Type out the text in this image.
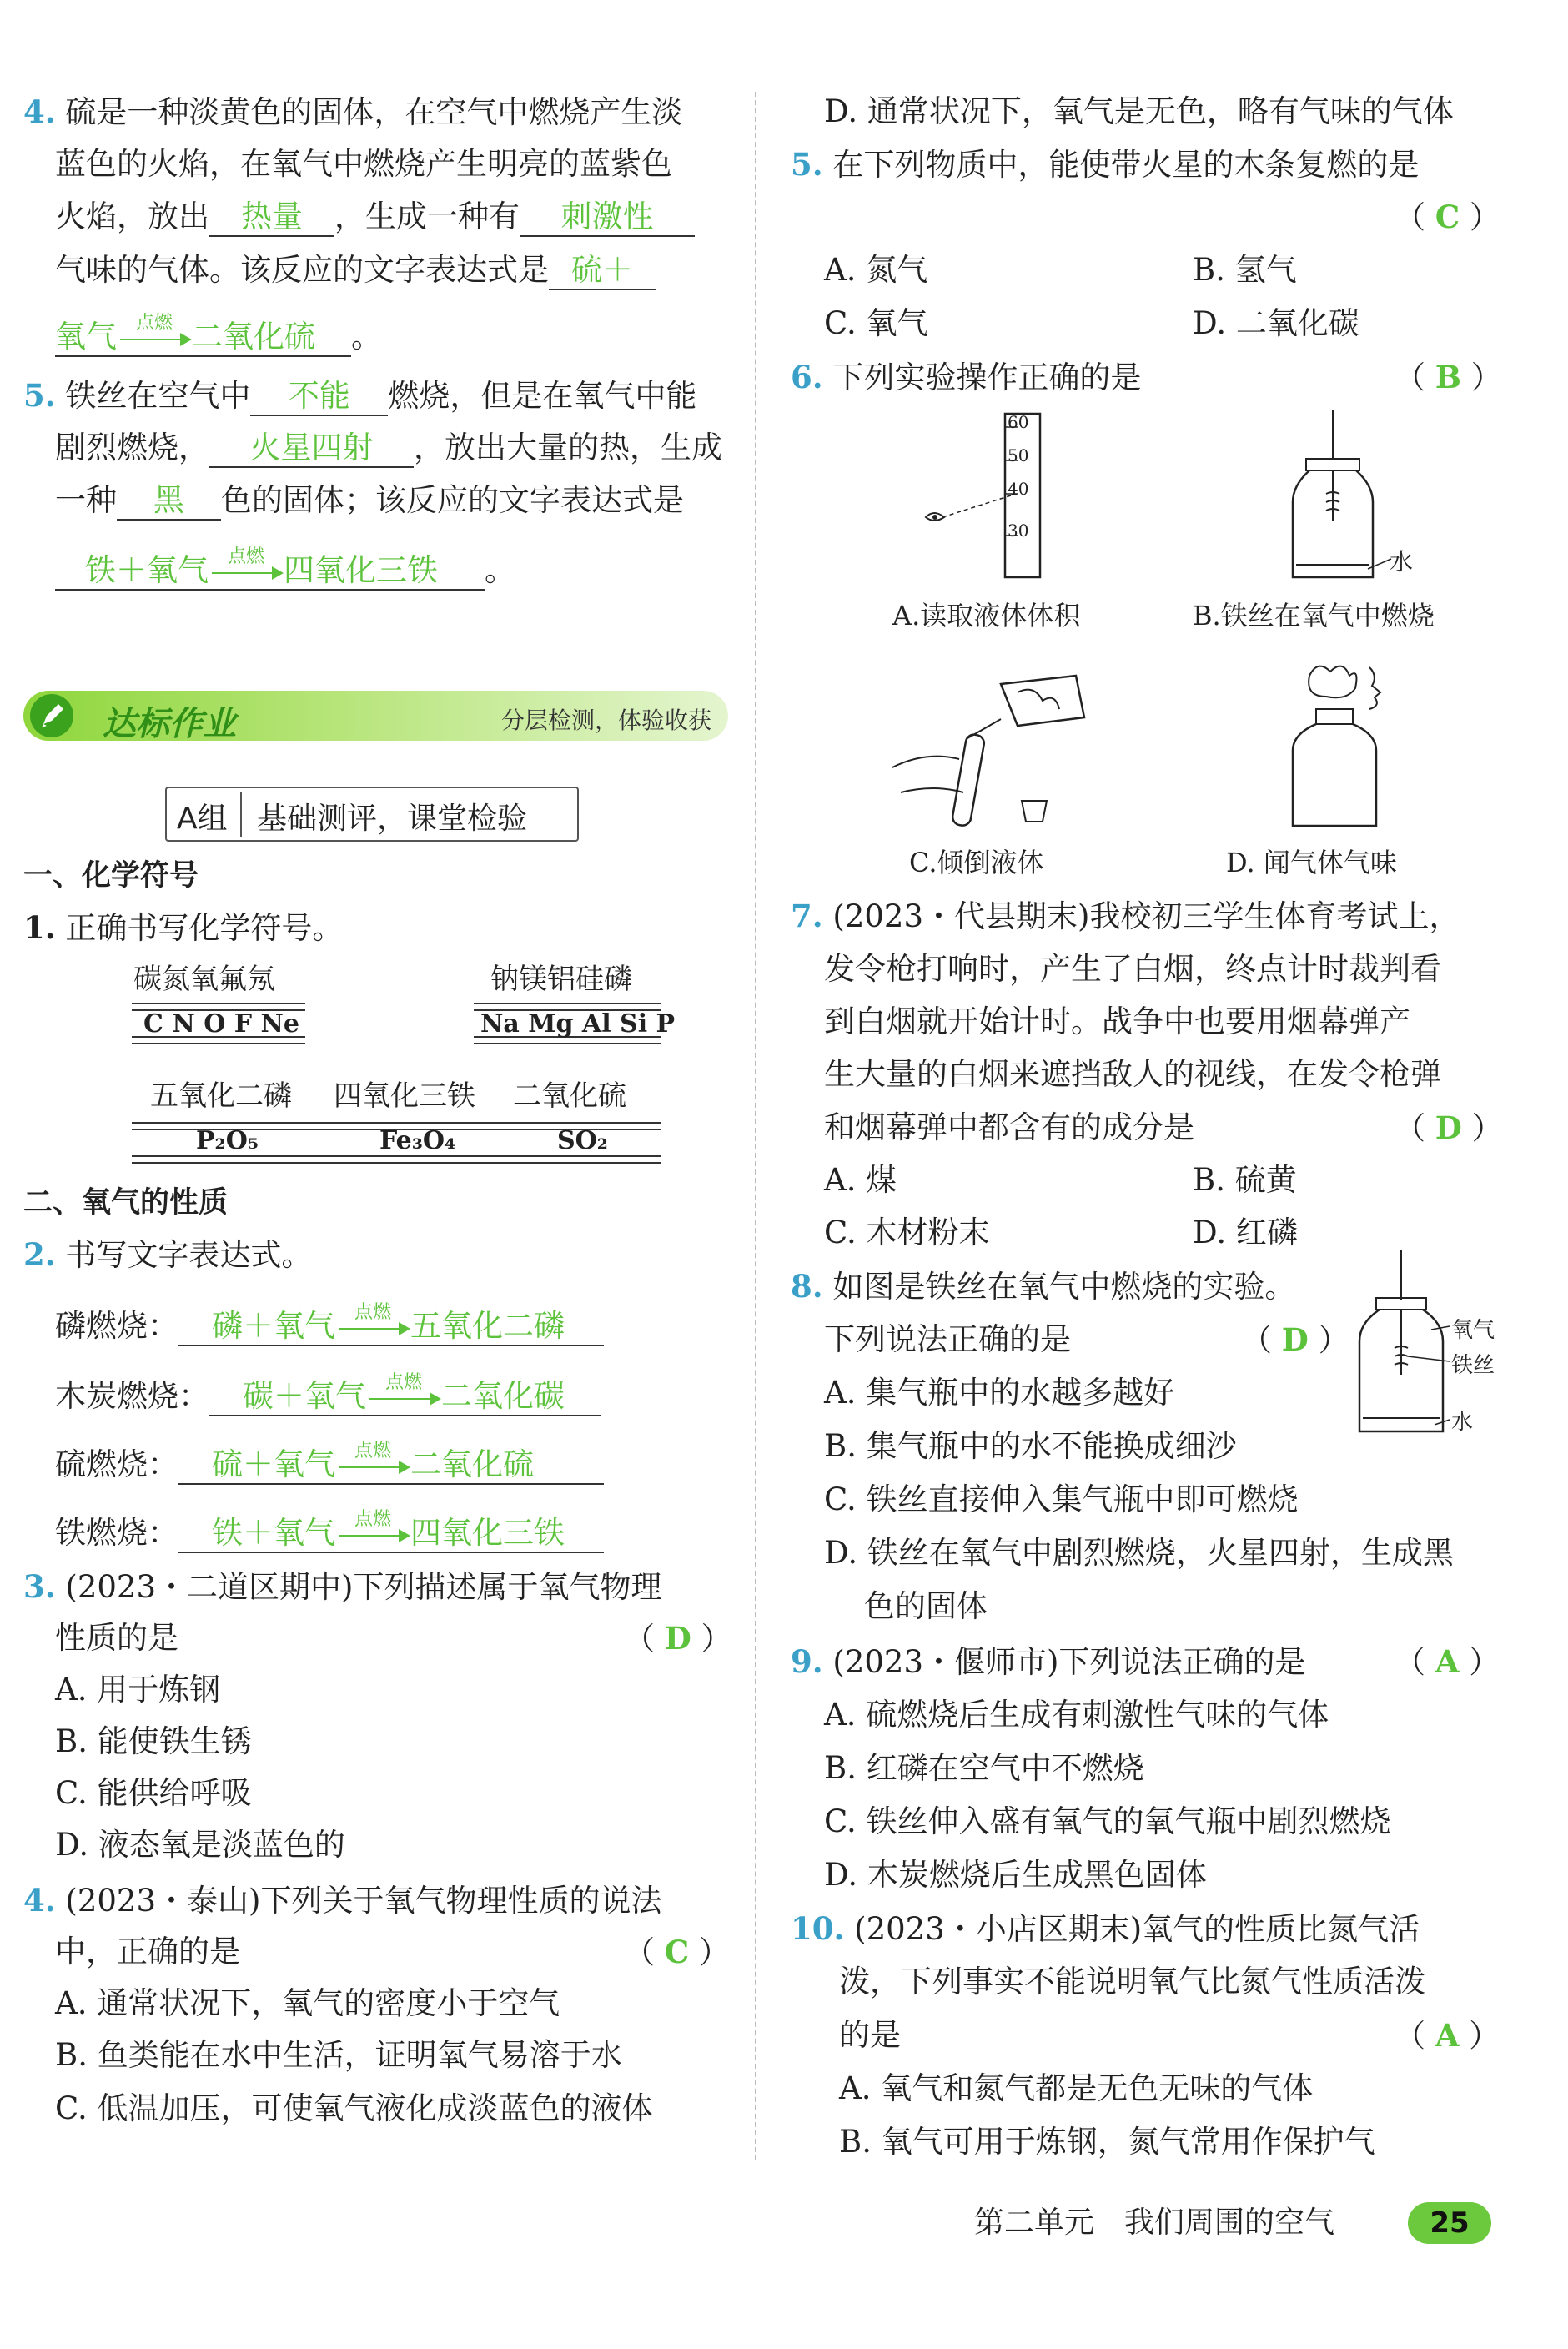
4. 硫是一种淡黄色的固体，在空气中燃烧产生淡
蓝色的火焰，在氧气中燃烧产生明亮的蓝紫色
火焰，放出 热量 ，生成一种有 刺激性
气味的气体。该反应的文字表达式是 硫＋
氧气	点燃 二氧化硫 。
5. 铁丝在空气中 不能 燃烧，但是在氧气中能
剧烈燃烧， 火星四射 ，放出大量的热，生成
一种 黑 色的固体；该反应的文字表达式是
铁＋氧气	点燃 四氧化三铁 。
达标作业	分层检测，体验收获
A组 基础测评，课堂检验
一、化学符号
1. 正确书写化学符号。
碳氮氧氟氖	钠镁铝硅磷
C N O F Ne	Na Mg Al Si P
五氧化二磷 四氧化三铁 二氧化硫
P₂O₅	Fe₃O₄	SO₂
二、氧气的性质
2. 书写文字表达式。
磷燃烧： 磷＋氧气	点燃 五氧化二磷
木炭燃烧： 碳＋氧气	点燃 二氧化碳
硫燃烧： 硫＋氧气	点燃 二氧化硫
铁燃烧： 铁＋氧气	点燃 四氧化三铁
3. (2023・二道区期中)下列描述属于氧气物理
性质的是	（ D ）
A. 用于炼钢
B. 能使铁生锈
C. 能供给呼吸
D. 液态氧是淡蓝色的
4. (2023・泰山)下列关于氧气物理性质的说法
中，正确的是	（ C ）
A. 通常状况下，氧气的密度小于空气
B. 鱼类能在水中生活，证明氧气易溶于水
C. 低温加压，可使氧气液化成淡蓝色的液体
D. 通常状况下，氧气是无色，略有气味的气体
5. 在下列物质中，能使带火星的木条复燃的是
（ C ）
A. 氮气	B. 氢气
C. 氧气	D. 二氧化碳
6. 下列实验操作正确的是	（ B ）
60
50
40
30
A.读取液体体积
水
B.铁丝在氧气中燃烧
C.倾倒液体	D. 闻气体气味
7. (2023・代县期末)我校初三学生体育考试上，
发令枪打响时，产生了白烟，终点计时裁判看
到白烟就开始计时。战争中也要用烟幕弹产
生大量的白烟来遮挡敌人的视线，在发令枪弹
和烟幕弹中都含有的成分是	（ D ）
A. 煤	B. 硫黄
C. 木材粉末	D. 红磷
8. 如图是铁丝在氧气中燃烧的实验。
下列说法正确的是	（ D ）	氧气
铁丝
水
A. 集气瓶中的水越多越好
B. 集气瓶中的水不能换成细沙
C. 铁丝直接伸入集气瓶中即可燃烧
D. 铁丝在氧气中剧烈燃烧，火星四射，生成黑
色的固体
9. (2023・偃师市)下列说法正确的是	（ A ）
A. 硫燃烧后生成有刺激性气味的气体
B. 红磷在空气中不燃烧
C. 铁丝伸入盛有氧气的氧气瓶中剧烈燃烧
D. 木炭燃烧后生成黑色固体
10. (2023・小店区期末)氧气的性质比氮气活
泼，下列事实不能说明氧气比氮气性质活泼
的是	（ A ）
A. 氧气和氮气都是无色无味的气体
B. 氧气可用于炼钢，氮气常用作保护气
第二单元　我们周围的空气	25
